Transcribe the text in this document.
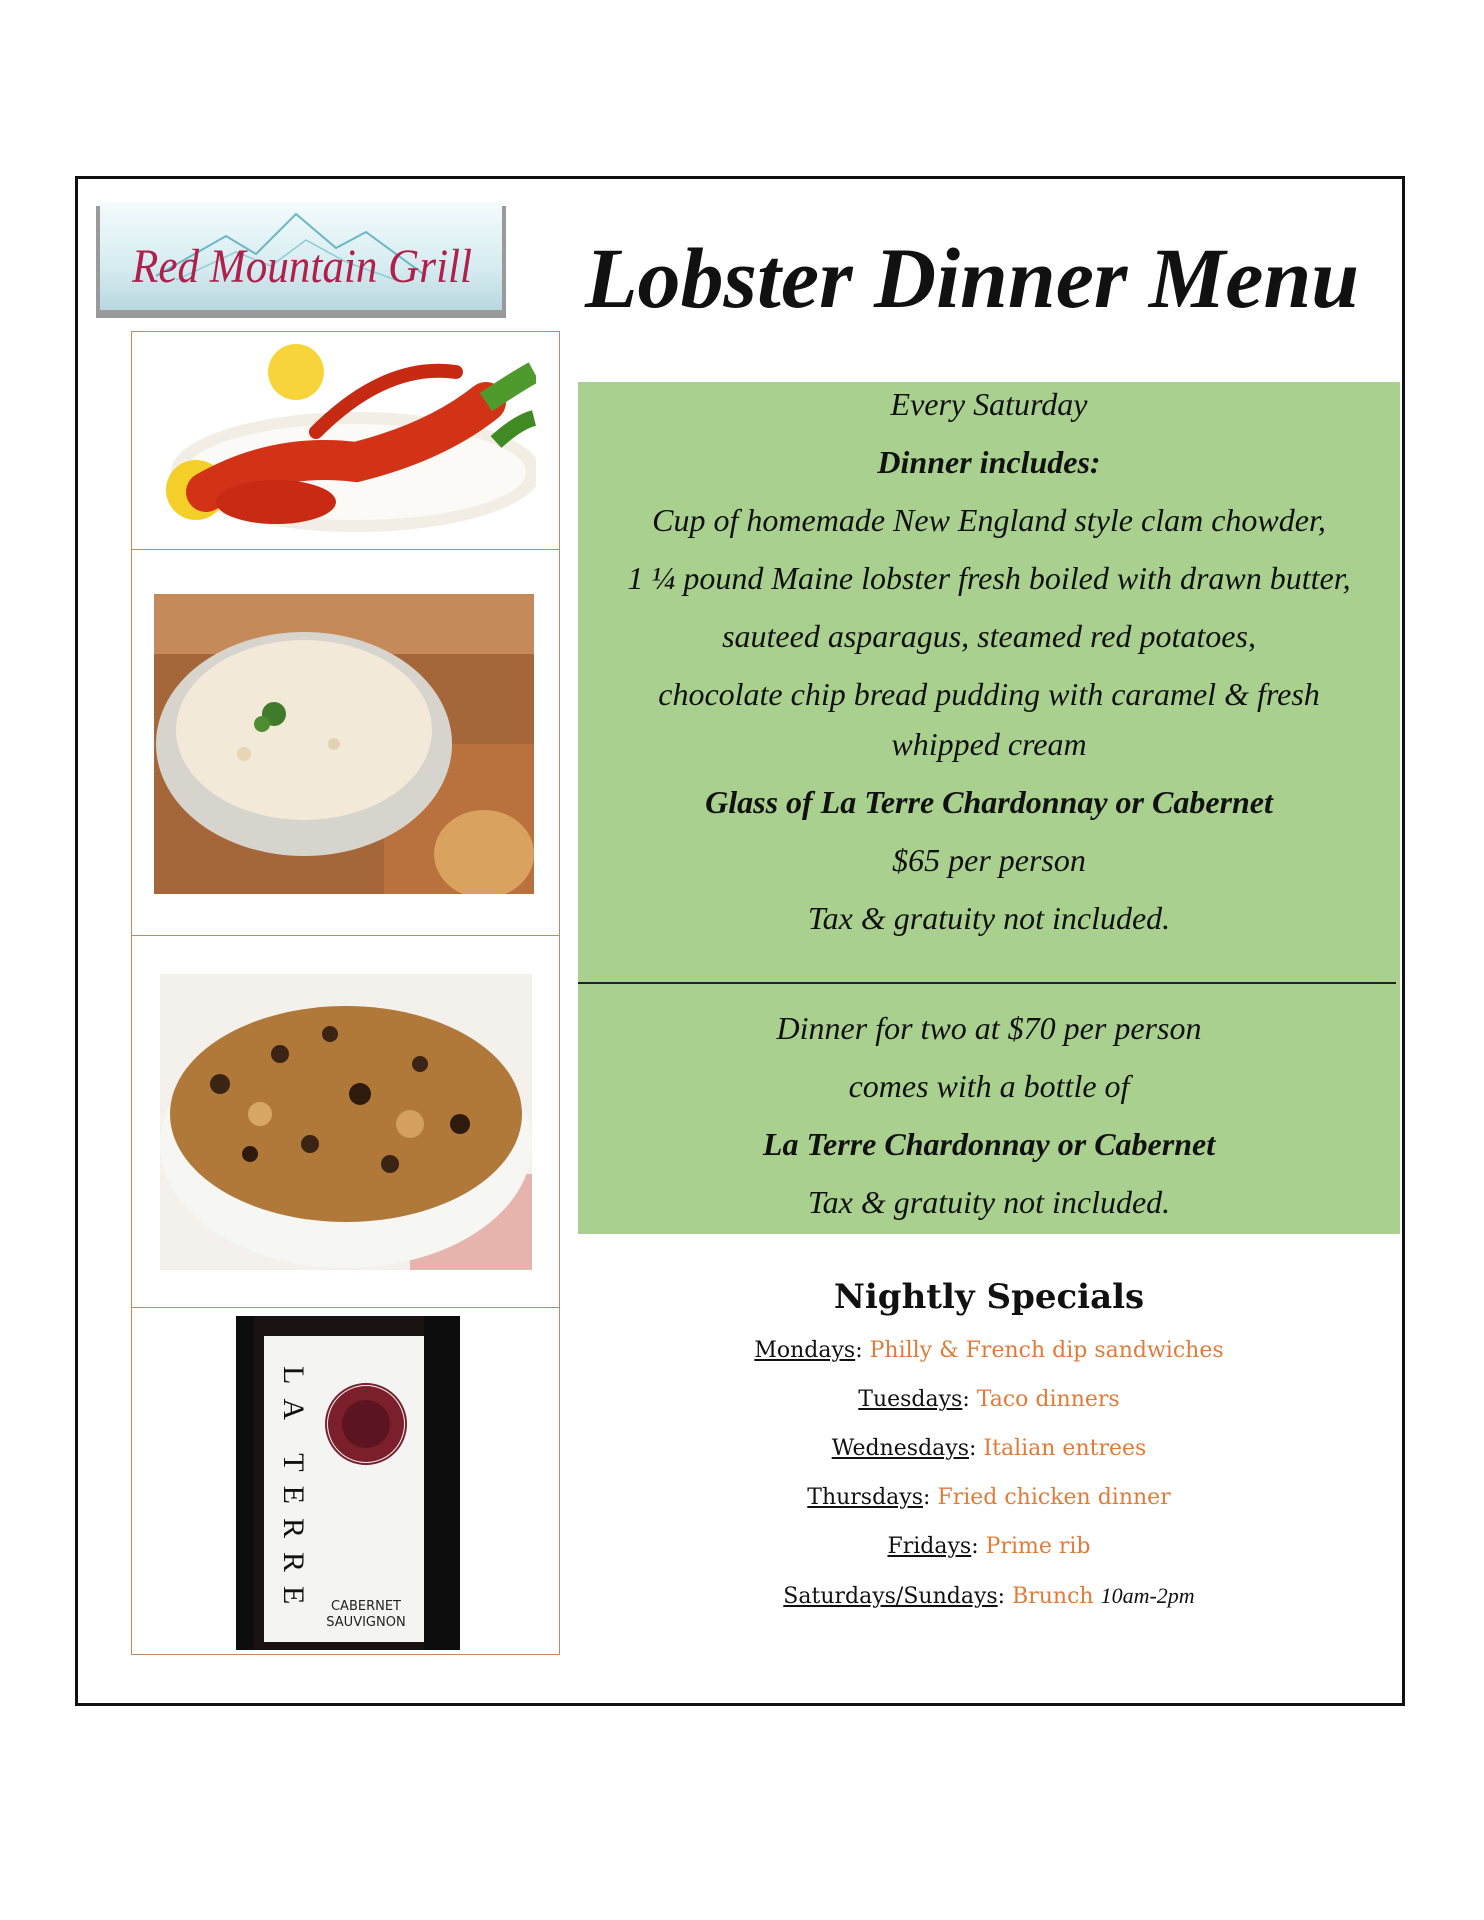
Red Mountain Grill Lobster Dinner Menu
LA TERRE CABERNET
SAUVIGNON
Every Saturday
Dinner includes:
Cup of homemade New England style clam chowder,
1 ¼ pound Maine lobster fresh boiled with drawn butter,
sauteed asparagus, steamed red potatoes,
chocolate chip bread pudding with caramel & fresh
whipped cream
Glass of La Terre Chardonnay or Cabernet
$65 per person
Tax & gratuity not included.
Dinner for two at $70 per person
comes with a bottle of
La Terre Chardonnay or Cabernet
Tax & gratuity not included.
Nightly Specials
Mondays: Philly & French dip sandwiches
Tuesdays: Taco dinners
Wednesdays: Italian entrees
Thursdays: Fried chicken dinner
Fridays: Prime rib
Saturdays/Sundays: Brunch 10am-2pm
